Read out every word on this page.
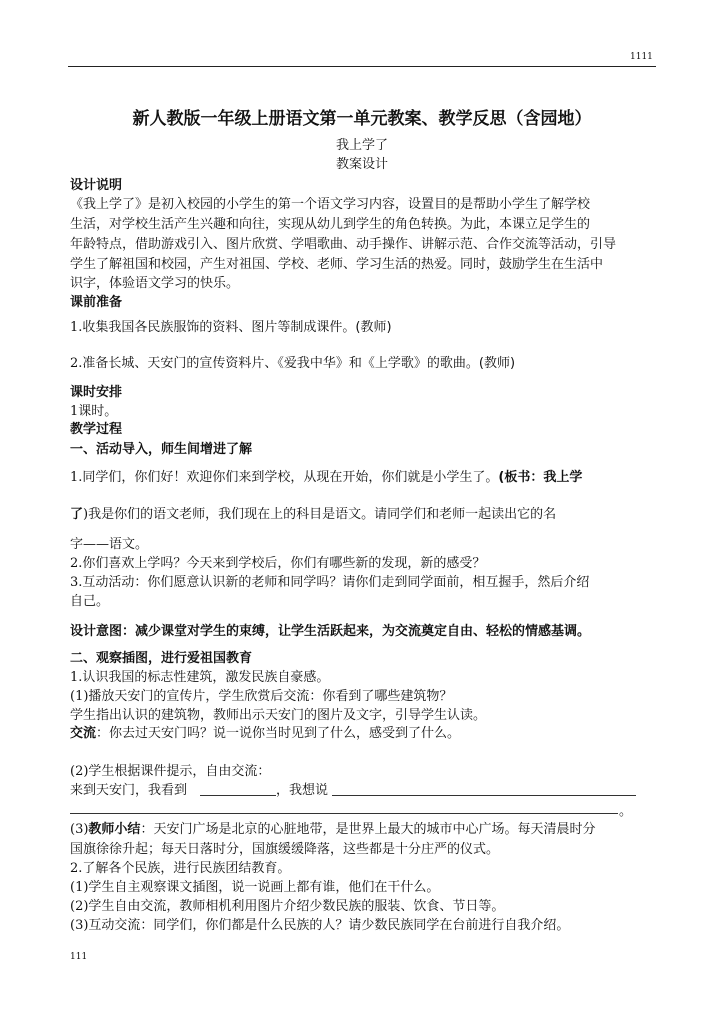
1111
新人教版一年级上册语文第一单元教案、教学反思（含园地）
我上学了
教案设计
设计说明
《我上学了》是初入校园的小学生的第一个语文学习内容，设置目的是帮助小学生了解学校
生活，对学校生活产生兴趣和向往，实现从幼儿到学生的角色转换。为此，本课立足学生的
年龄特点，借助游戏引入、图片欣赏、学唱歌曲、动手操作、讲解示范、合作交流等活动，引导
学生了解祖国和校园，产生对祖国、学校、老师、学习生活的热爱。同时，鼓励学生在生活中
识字，体验语文学习的快乐。
课前准备
1.收集我国各民族服饰的资料、图片等制成课件。(教师)
2.准备长城、天安门的宣传资料片、《爱我中华》和《上学歌》的歌曲。(教师)
课时安排
1课时。
教学过程
一、活动导入，师生间增进了解
1.同学们，你们好！欢迎你们来到学校，从现在开始，你们就是小学生了。(板书：我上学
了)我是你们的语文老师，我们现在上的科目是语文。请同学们和老师一起读出它的名
字——语文。
2.你们喜欢上学吗？今天来到学校后，你们有哪些新的发现，新的感受？
3.互动活动：你们愿意认识新的老师和同学吗？请你们走到同学面前，相互握手，然后介绍
自己。
设计意图：减少课堂对学生的束缚，让学生活跃起来，为交流奠定自由、轻松的情感基调。
二、观察插图，进行爱祖国教育
1.认识我国的标志性建筑，激发民族自豪感。
(1)播放天安门的宣传片，学生欣赏后交流：你看到了哪些建筑物？
学生指出认识的建筑物，教师出示天安门的图片及文字，引导学生认读。
交流：你去过天安门吗？说一说你当时见到了什么，感受到了什么。
(2)学生根据课件提示，自由交流：
来到天安门，我看到	，我想说
。
(3)教师小结：天安门广场是北京的心脏地带，是世界上最大的城市中心广场。每天清晨时分
国旗徐徐升起；每天日落时分，国旗缓缓降落，这些都是十分庄严的仪式。
2.了解各个民族，进行民族团结教育。
(1)学生自主观察课文插图，说一说画上都有谁，他们在干什么。
(2)学生自由交流，教师相机利用图片介绍少数民族的服装、饮食、节日等。
(3)互动交流：同学们，你们都是什么民族的人？请少数民族同学在台前进行自我介绍。
111
